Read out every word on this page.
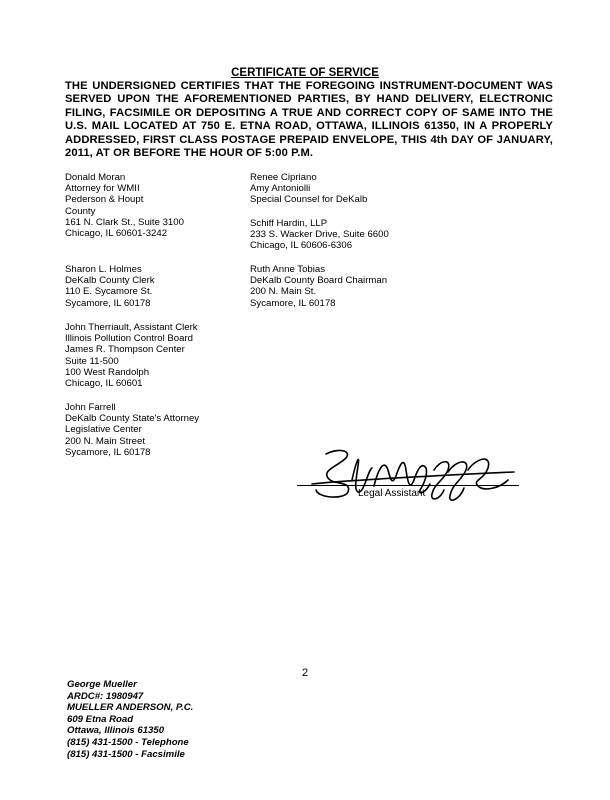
CERTIFICATE OF SERVICE
THE UNDERSIGNED CERTIFIES THAT THE FOREGOING INSTRUMENT-DOCUMENT WAS
SERVED UPON THE AFOREMENTIONED PARTIES, BY HAND DELIVERY, ELECTRONIC
FILING, FACSIMILE OR DEPOSITING A TRUE AND CORRECT COPY OF SAME INTO THE
U.S. MAIL LOCATED AT 750 E. ETNA ROAD, OTTAWA, ILLINOIS 61350, IN A PROPERLY
ADDRESSED, FIRST CLASS POSTAGE PREPAID ENVELOPE, THIS 4th DAY OF JANUARY,
2011, AT OR BEFORE THE HOUR OF 5:00 P.M.
Donald Moran
Attorney for WMII
Pederson & Houpt
County
161 N. Clark St., Suite 3100
Chicago, IL 60601-3242
Sharon L. Holmes
DeKalb County Clerk
110 E. Sycamore St.
Sycamore, IL 60178
John Therriault, Assistant Clerk
Illinois Pollution Control Board
James R. Thompson Center
Suite 11-500
100 West Randolph
Chicago, IL 60601
John Farrell
DeKalb County State's Attorney
Legislative Center
200 N. Main Street
Sycamore, IL 60178
Renee Cipriano
Amy Antoniolli
Special Counsel for DeKalb
Schiff Hardin, LLP
233 S. Wacker Drive, Suite 6600
Chicago, IL 60606-6306
Ruth Anne Tobias
DeKalb County Board Chairman
200 N. Main St.
Sycamore, IL 60178
Legal Assistant
2
George Mueller
ARDC#: 1980947
MUELLER ANDERSON, P.C.
609 Etna Road
Ottawa, Illinois 61350
(815) 431-1500 - Telephone
(815) 431-1500 - Facsimile
